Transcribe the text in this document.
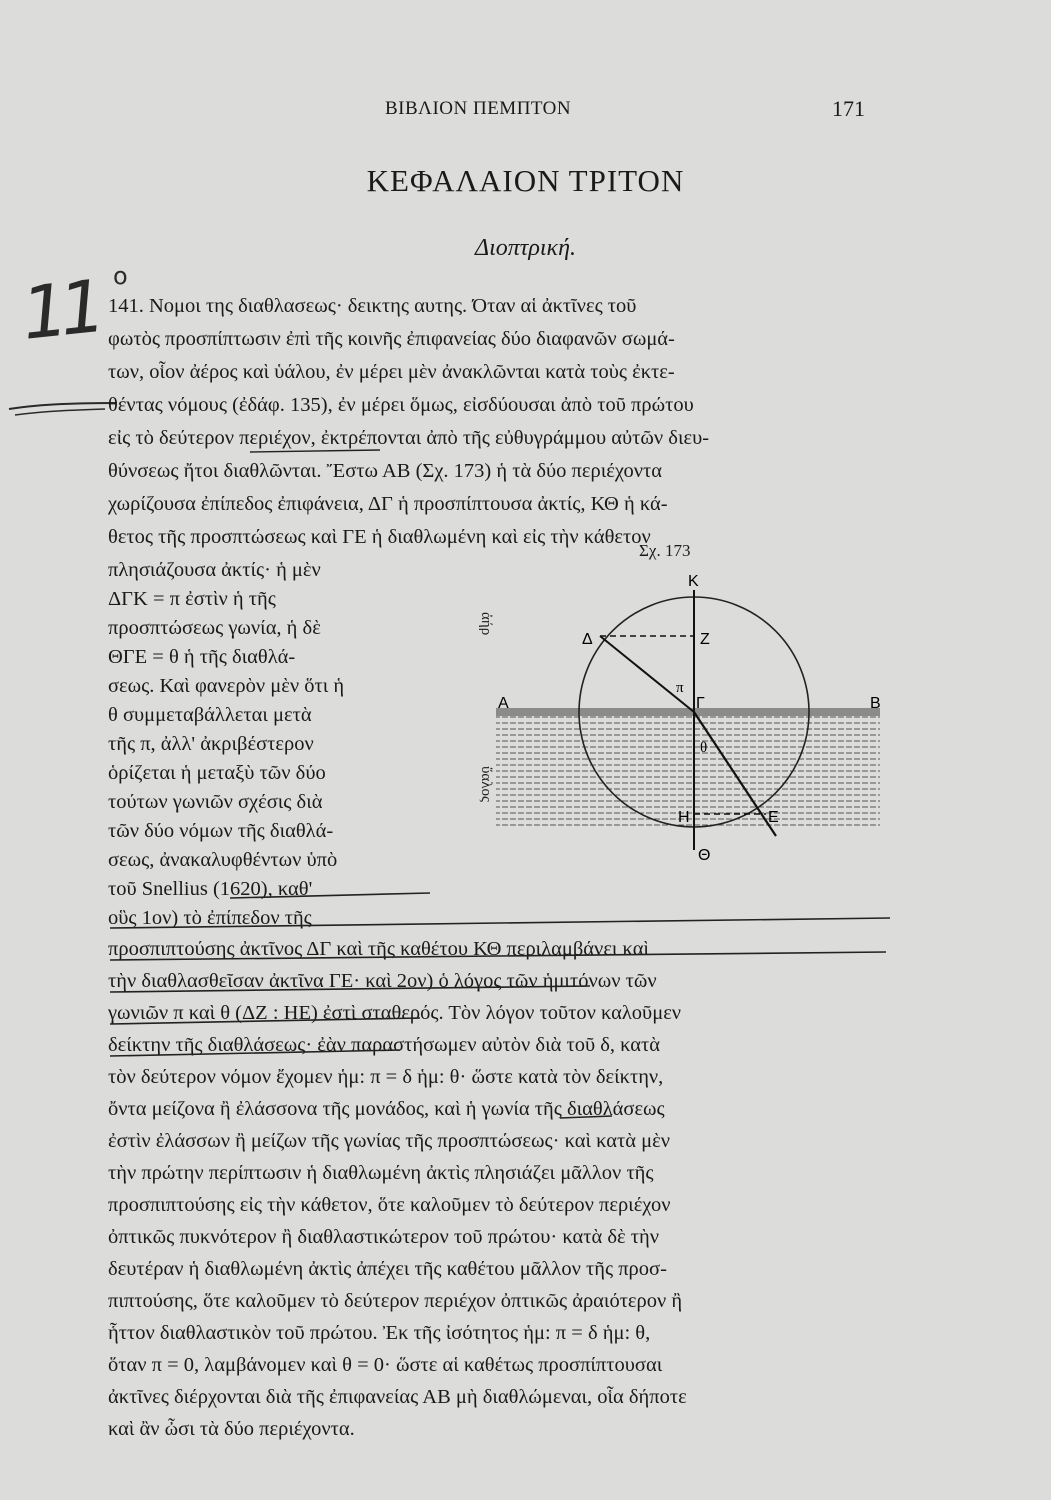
ΒΙΒΛΙΟΝ ΠΕΜΠΤΟΝ	171
ΚΕΦΑΛΑΙΟΝ ΤΡΙΤΟΝ
Διοπτρική.
11 ο
141. Νομοι της διαθλασεως· δεικτης αυτης. Όταν αἱ ἀκτῖνες τοῦ
φωτὸς προσπίπτωσιν ἐπὶ τῆς κοινῆς ἐπιφανείας δύο διαφανῶν σωμά-
των, οἷον ἀέρος καὶ ὑάλου, ἐν μέρει μὲν ἀνακλῶνται κατὰ τοὺς ἐκτε-
θέντας νόμους (ἐδάφ. 135), ἐν μέρει ὅμως, εἰσδύουσαι ἀπὸ τοῦ πρώτου
εἰς τὸ δεύτερον περιέχον, ἐκτρέπονται ἀπὸ τῆς εὐθυγράμμου αὐτῶν διευ-
θύνσεως ἤτοι διαθλῶνται. Ἔστω ΑΒ (Σχ. 173) ἡ τὰ δύο περιέχοντα
χωρίζουσα ἐπίπεδος ἐπιφάνεια, ΔΓ ἡ προσπίπτουσα ἀκτίς, ΚΘ ἡ κά-
θετος τῆς προσπτώσεως καὶ ΓΕ ἡ διαθλωμένη καὶ εἰς τὴν κάθετον
πλησιάζουσα ἀκτίς· ἡ μὲν
ΔΓΚ = π ἐστὶν ἡ τῆς
προσπτώσεως γωνία, ἡ δὲ
ΘΓΕ = θ ἡ τῆς διαθλά-
σεως. Καὶ φανερὸν μὲν ὅτι ἡ
θ συμμεταβάλλεται μετὰ
τῆς π, ἀλλ' ἀκριβέστερον
ὁρίζεται ἡ μεταξὺ τῶν δύο
τούτων γωνιῶν σχέσις διὰ
τῶν δύο νόμων τῆς διαθλά-
σεως, ἀνακαλυφθέντων ὑπὸ
τοῦ Snellius (1620), καθ'
οὓς 1ον) τὸ ἐπίπεδον τῆς
προσπιπτούσης ἀκτῖνος ΔΓ καὶ τῆς καθέτου ΚΘ περιλαμβάνει καὶ
τὴν διαθλασθεῖσαν ἀκτῖνα ΓΕ· καὶ 2ον) ὁ λόγος τῶν ἡμιτόνων τῶν
γωνιῶν π καὶ θ (ΔΖ : ΗΕ) ἐστὶ σταθερός. Τὸν λόγον τοῦτον καλοῦμεν
δείκτην τῆς διαθλάσεως· ἐὰν παραστήσωμεν αὐτὸν διὰ τοῦ δ, κατὰ
τὸν δεύτερον νόμον ἔχομεν ἡμ: π = δ ἡμ: θ· ὥστε κατὰ τὸν δείκτην,
ὄντα μείζονα ἢ ἐλάσσονα τῆς μονάδος, καὶ ἡ γωνία τῆς διαθλάσεως
ἐστὶν ἐλάσσων ἢ μείζων τῆς γωνίας τῆς προσπτώσεως· καὶ κατὰ μὲν
τὴν πρώτην περίπτωσιν ἡ διαθλωμένη ἀκτὶς πλησιάζει μᾶλλον τῆς
προσπιπτούσης εἰς τὴν κάθετον, ὅτε καλοῦμεν τὸ δεύτερον περιέχον
ὀπτικῶς πυκνότερον ἢ διαθλαστικώτερον τοῦ πρώτου· κατὰ δὲ τὴν
δευτέραν ἡ διαθλωμένη ἀκτὶς ἀπέχει τῆς καθέτου μᾶλλον τῆς προσ-
πιπτούσης, ὅτε καλοῦμεν τὸ δεύτερον περιέχον ὀπτικῶς ἀραιότερον ἢ
ἧττον διαθλαστικὸν τοῦ πρώτου. Ἐκ τῆς ἰσότητος ἡμ: π = δ ἡμ: θ,
ὅταν π = 0, λαμβάνομεν καὶ θ = 0· ὥστε αἱ καθέτως προσπίπτουσαι
ἀκτῖνες διέρχονται διὰ τῆς ἐπιφανείας ΑΒ μὴ διαθλώμεναι, οἷα δήποτε
καὶ ἂν ὦσι τὰ δύο περιέχοντα.
Σχ. 173
ἀήρ
ὕαλος
Κ
Ζ
Δ
π
Γ
Α	Β
θ
Η	Ε
Θ
